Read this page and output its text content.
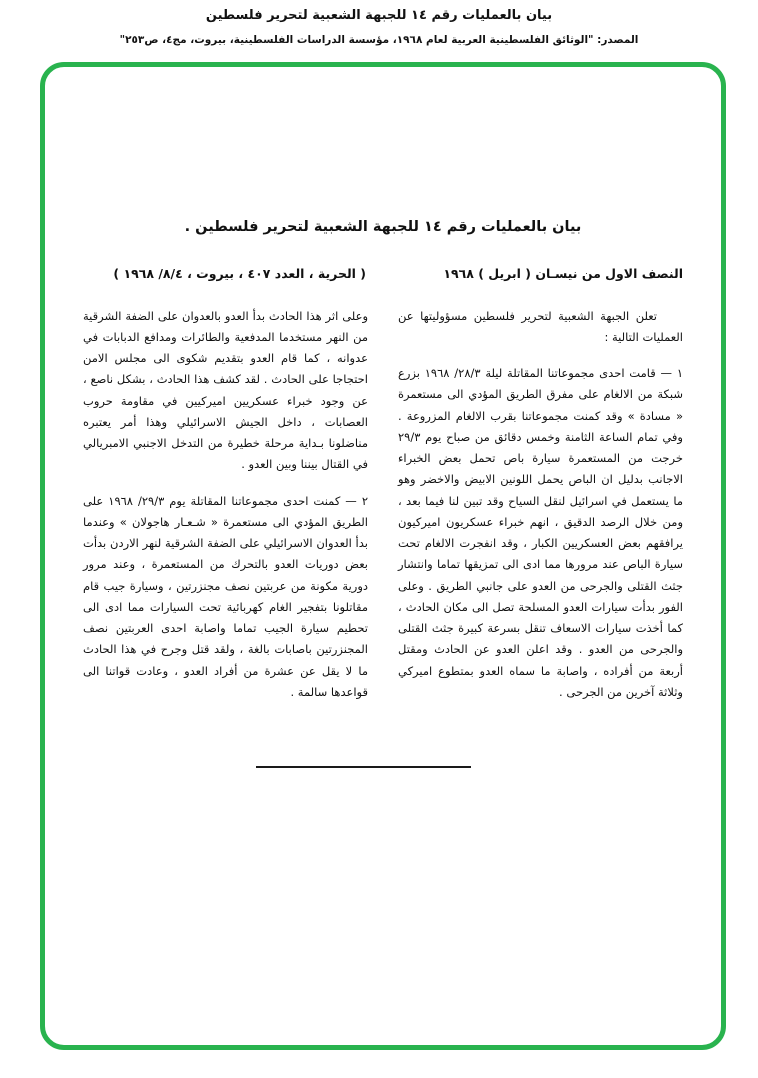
بيان بالعمليات رقم ١٤ للجبهة الشعبية لتحرير فلسطين
المصدر: "الوثائق الفلسطينية العربية لعام ١٩٦٨، مؤسسة الدراسات الفلسطينية، بيروت، مج٤، ص٢٥٣"
بيان بالعمليات رقم ١٤ للجبهة الشعبية لتحرير فلسطين .
النصف الاول من نيسـان ( ابريل ) ١٩٦٨
( الحرية ، العدد ٤٠٧ ، بيروت ، ٨/٤/ ١٩٦٨ )

تعلن الجبهة الشعبية لتحرير فلسطين مسؤوليتها عن العمليات التالية :

١ — قامت احدى مجموعاتنا المقاتلة ليلة ٢٨/٣/ ١٩٦٨ بزرع شبكة من الالغام على مفرق الطريق المؤدي الى مستعمرة « مسادة » وقد كمنت مجموعاتنا بقرب الالغام المزروعة . وفي تمام الساعة الثامنة وخمس دقائق من صباح يوم ٢٩/٣ خرجت من المستعمرة سيارة باص تحمل بعض الخبراء الاجانب بدليل ان الباص يحمل اللونين الابيض والاخضر وهو ما يستعمل في اسرائيل لنقل السياح وقد تبين لنا فيما بعد ، ومن خلال الرصد الدقيق ، انهم خبراء عسكريون اميركيون يرافقهم بعض العسكريين الكبار ، وقد انفجرت الالغام تحت سيارة الباص عند مرورها مما ادى الى تمزيقها تماما وانتشار جثث القتلى والجرحى من العدو على جانبي الطريق . وعلى الفور بدأت سيارات العدو المسلحة تصل الى مكان الحادث ، كما أخذت سيارات الاسعاف تنقل بسرعة كبيرة جثث القتلى والجرحى من العدو . وقد اعلن العدو عن الحادث ومقتل أربعة من أفراده ، واصابة ما سماه العدو بمتطوع اميركي وثلاثة آخرين من الجرحى .

وعلى اثر هذا الحادث بدأ العدو بالعدوان على الضفة الشرقية من النهر مستخدما المدفعية والطائرات ومدافع الدبابات في عدوانه ، كما قام العدو بتقديم شكوى الى مجلس الامن احتجاجا على الحادث . لقد كشف هذا الحادث ، بشكل ناصع ، عن وجود خبراء عسكريين اميركيين في مقاومة حروب العصابات ، داخل الجيش الاسرائيلي وهذا أمر يعتبره مناضلونا بـداية مرحلة خطيرة من التدخل الاجنبي الامبريالي في القتال بيننا وبين العدو .

٢ — كمنت احدى مجموعاتنا المقاتلة يوم ٢٩/٣/ ١٩٦٨ على الطريق المؤدي الى مستعمرة « شـعـار هاجولان » وعندما بدأ العدوان الاسرائيلي على الضفة الشرقية لنهر الاردن بدأت بعض دوريات العدو بالتحرك من المستعمرة ، وعند مرور دورية مكونة من عربتين نصف مجنزرتين ، وسيارة جيب قام مقاتلونا بتفجير الغام كهربائية تحت السيارات مما ادى الى تحطيم سيارة الجيب تماما واصابة احدى العربتين نصف المجنزرتين باصابات بالغة ، ولقد قتل وجرح في هذا الحادث ما لا يقل عن عشرة من أفراد العدو ، وعادت قواتنا الى قواعدها سالمة .
